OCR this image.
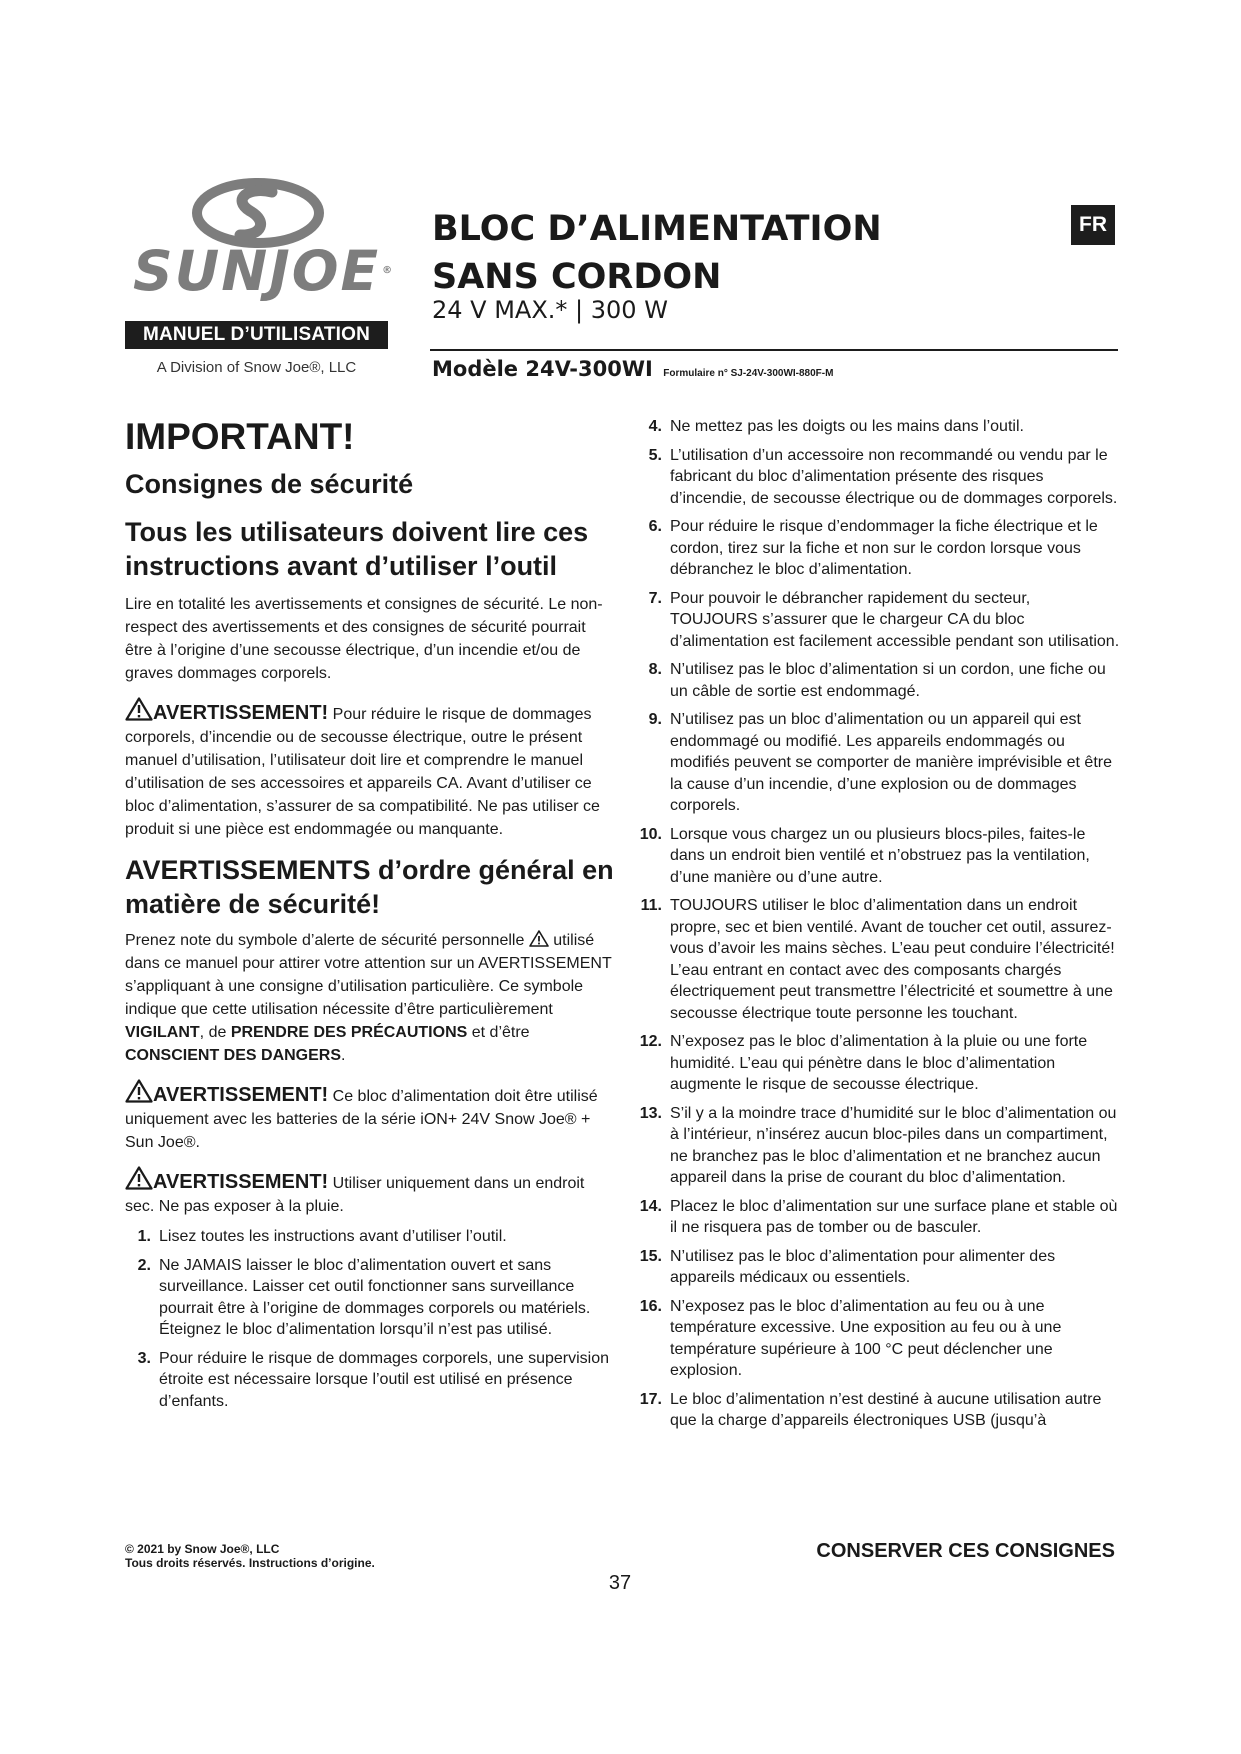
SUNJOE ®
MANUEL D’UTILISATION
A Division of Snow Joe®, LLC
BLOC D’ALIMENTATION SANS CORDON
24 V MAX.* | 300 W
FR
Modèle 24V-300WI Formulaire n° SJ-24V-300WI-880F-M
IMPORTANT!
Consignes de sécurité
Tous les utilisateurs doivent lire ces instructions avant d’utiliser l’outil

Lire en totalité les avertissements et consignes de sécurité. Le non-respect des avertissements et des consignes de sécurité pourrait être à l’origine d’une secousse électrique, d’un incendie et/ou de graves dommages corporels.

AVERTISSEMENT! Pour réduire le risque de dommages corporels, d’incendie ou de secousse électrique, outre le présent manuel d’utilisation, l’utilisateur doit lire et comprendre le manuel d’utilisation de ses accessoires et appareils CA. Avant d’utiliser ce bloc d’alimentation, s’assurer de sa compatibilité. Ne pas utiliser ce produit si une pièce est endommagée ou manquante.

AVERTISSEMENTS d’ordre général en matière de sécurité!

Prenez note du symbole d’alerte de sécurité personnelle utilisé dans ce manuel pour attirer votre attention sur un AVERTISSEMENT s’appliquant à une consigne d’utilisation particulière. Ce symbole indique que cette utilisation nécessite d’être particulièrement VIGILANT, de PRENDRE DES PRÉCAUTIONS et d’être CONSCIENT DES DANGERS.

AVERTISSEMENT! Ce bloc d’alimentation doit être utilisé uniquement avec les batteries de la série iON+ 24V Snow Joe® + Sun Joe®.

AVERTISSEMENT! Utiliser uniquement dans un endroit sec. Ne pas exposer à la pluie.

1. Lisez toutes les instructions avant d’utiliser l’outil.
2. Ne JAMAIS laisser le bloc d’alimentation ouvert et sans surveillance. Laisser cet outil fonctionner sans surveillance pourrait être à l’origine de dommages corporels ou matériels. Éteignez le bloc d’alimentation lorsqu’il n’est pas utilisé.
3. Pour réduire le risque de dommages corporels, une supervision étroite est nécessaire lorsque l’outil est utilisé en présence d’enfants.
4. Ne mettez pas les doigts ou les mains dans l’outil.
5. L’utilisation d’un accessoire non recommandé ou vendu par le fabricant du bloc d’alimentation présente des risques d’incendie, de secousse électrique ou de dommages corporels.
6. Pour réduire le risque d’endommager la fiche électrique et le cordon, tirez sur la fiche et non sur le cordon lorsque vous débranchez le bloc d’alimentation.
7. Pour pouvoir le débrancher rapidement du secteur, TOUJOURS s’assurer que le chargeur CA du bloc d’alimentation est facilement accessible pendant son utilisation.
8. N’utilisez pas le bloc d’alimentation si un cordon, une fiche ou un câble de sortie est endommagé.
9. N’utilisez pas un bloc d’alimentation ou un appareil qui est endommagé ou modifié. Les appareils endommagés ou modifiés peuvent se comporter de manière imprévisible et être la cause d’un incendie, d’une explosion ou de dommages corporels.
10. Lorsque vous chargez un ou plusieurs blocs-piles, faites-le dans un endroit bien ventilé et n’obstruez pas la ventilation, d’une manière ou d’une autre.
11. TOUJOURS utiliser le bloc d’alimentation dans un endroit propre, sec et bien ventilé. Avant de toucher cet outil, assurez-vous d’avoir les mains sèches. L’eau peut conduire l’électricité! L’eau entrant en contact avec des composants chargés électriquement peut transmettre l’électricité et soumettre à une secousse électrique toute personne les touchant.
12. N’exposez pas le bloc d’alimentation à la pluie ou une forte humidité. L’eau qui pénètre dans le bloc d’alimentation augmente le risque de secousse électrique.
13. S’il y a la moindre trace d’humidité sur le bloc d’alimentation ou à l’intérieur, n’insérez aucun bloc-piles dans un compartiment, ne branchez pas le bloc d’alimentation et ne branchez aucun appareil dans la prise de courant du bloc d’alimentation.
14. Placez le bloc d’alimentation sur une surface plane et stable où il ne risquera pas de tomber ou de basculer.
15. N’utilisez pas le bloc d’alimentation pour alimenter des appareils médicaux ou essentiels.
16. N’exposez pas le bloc d’alimentation au feu ou à une température excessive. Une exposition au feu ou à une température supérieure à 100 °C peut déclencher une explosion.
17. Le bloc d’alimentation n’est destiné à aucune utilisation autre que la charge d’appareils électroniques USB (jusqu’à
© 2021 by Snow Joe®, LLC
Tous droits réservés. Instructions d’origine.
CONSERVER CES CONSIGNES
37
